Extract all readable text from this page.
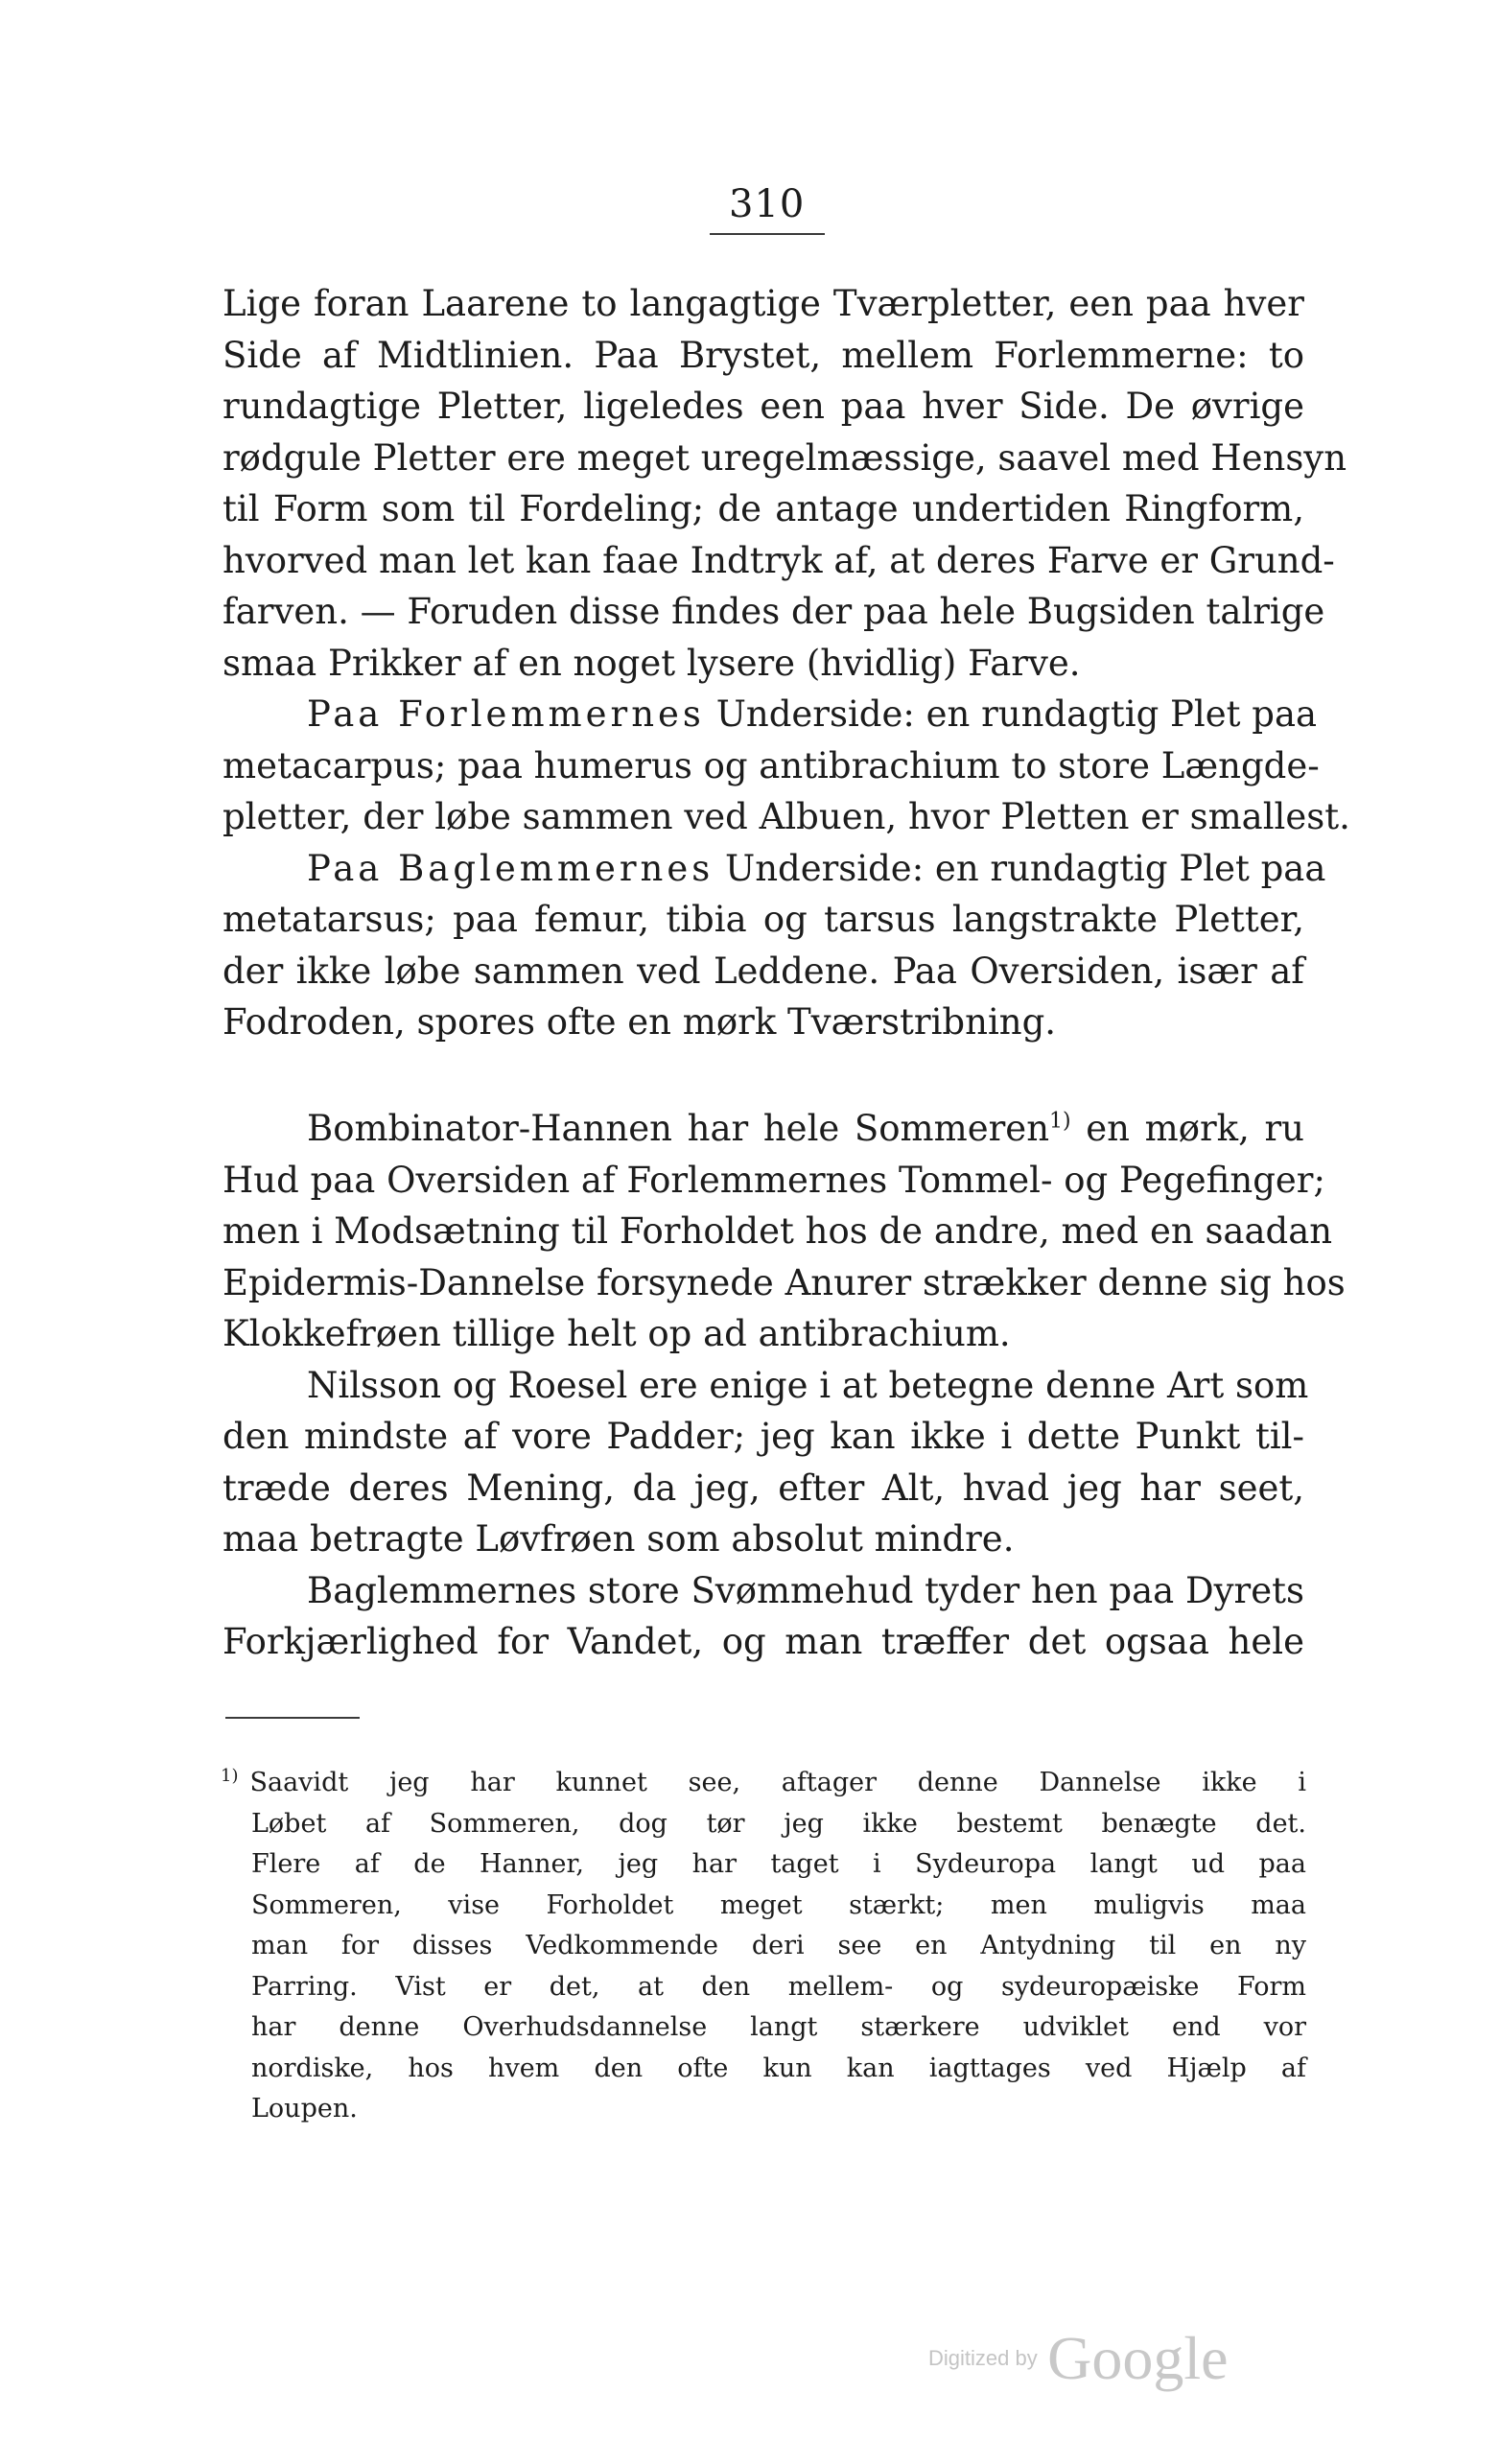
310
Lige foran Laarene to langagtige Tværpletter, een paa hver
Side af Midtlinien. Paa Brystet, mellem Forlemmerne: to
rundagtige Pletter, ligeledes een paa hver Side. De øvrige
rødgule Pletter ere meget uregelmæssige, saavel med Hensyn
til Form som til Fordeling; de antage undertiden Ringform,
hvorved man let kan faae Indtryk af, at deres Farve er Grund-
farven. — Foruden disse findes der paa hele Bugsiden talrige
smaa Prikker af en noget lysere (hvidlig) Farve.
Paa Forlemmernes Underside: en rundagtig Plet paa
metacarpus; paa humerus og antibrachium to store Længde-
pletter, der løbe sammen ved Albuen, hvor Pletten er smallest.
Paa Baglemmernes Underside: en rundagtig Plet paa
metatarsus; paa femur, tibia og tarsus langstrakte Pletter,
der ikke løbe sammen ved Leddene. Paa Oversiden, især af
Fodroden, spores ofte en mørk Tværstribning.
Bombinator-Hannen har hele Sommeren$^{1)}$ en mørk, ru
Hud paa Oversiden af Forlemmernes Tommel- og Pegefinger;
men i Modsætning til Forholdet hos de andre, med en saadan
Epidermis-Dannelse forsynede Anurer strækker denne sig hos
Klokkefrøen tillige helt op ad antibrachium.
Nilsson og Roesel ere enige i at betegne denne Art som
den mindste af vore Padder; jeg kan ikke i dette Punkt til-
træde deres Mening, da jeg, efter Alt, hvad jeg har seet,
maa betragte Løvfrøen som absolut mindre.
Baglemmernes store Svømmehud tyder hen paa Dyrets
Forkjærlighed for Vandet, og man træffer det ogsaa hele
$^{1)}$ Saavidt jeg har kunnet see, aftager denne Dannelse ikke i
Løbet af Sommeren, dog tør jeg ikke bestemt benægte det.
Flere af de Hanner, jeg har taget i Sydeuropa langt ud paa
Sommeren, vise Forholdet meget stærkt; men muligvis maa
man for disses Vedkommende deri see en Antydning til en ny
Parring. Vist er det, at den mellem- og sydeuropæiske Form
har denne Overhudsdannelse langt stærkere udviklet end vor
nordiske, hos hvem den ofte kun kan iagttages ved Hjælp af
Loupen.
Digitized by Google
